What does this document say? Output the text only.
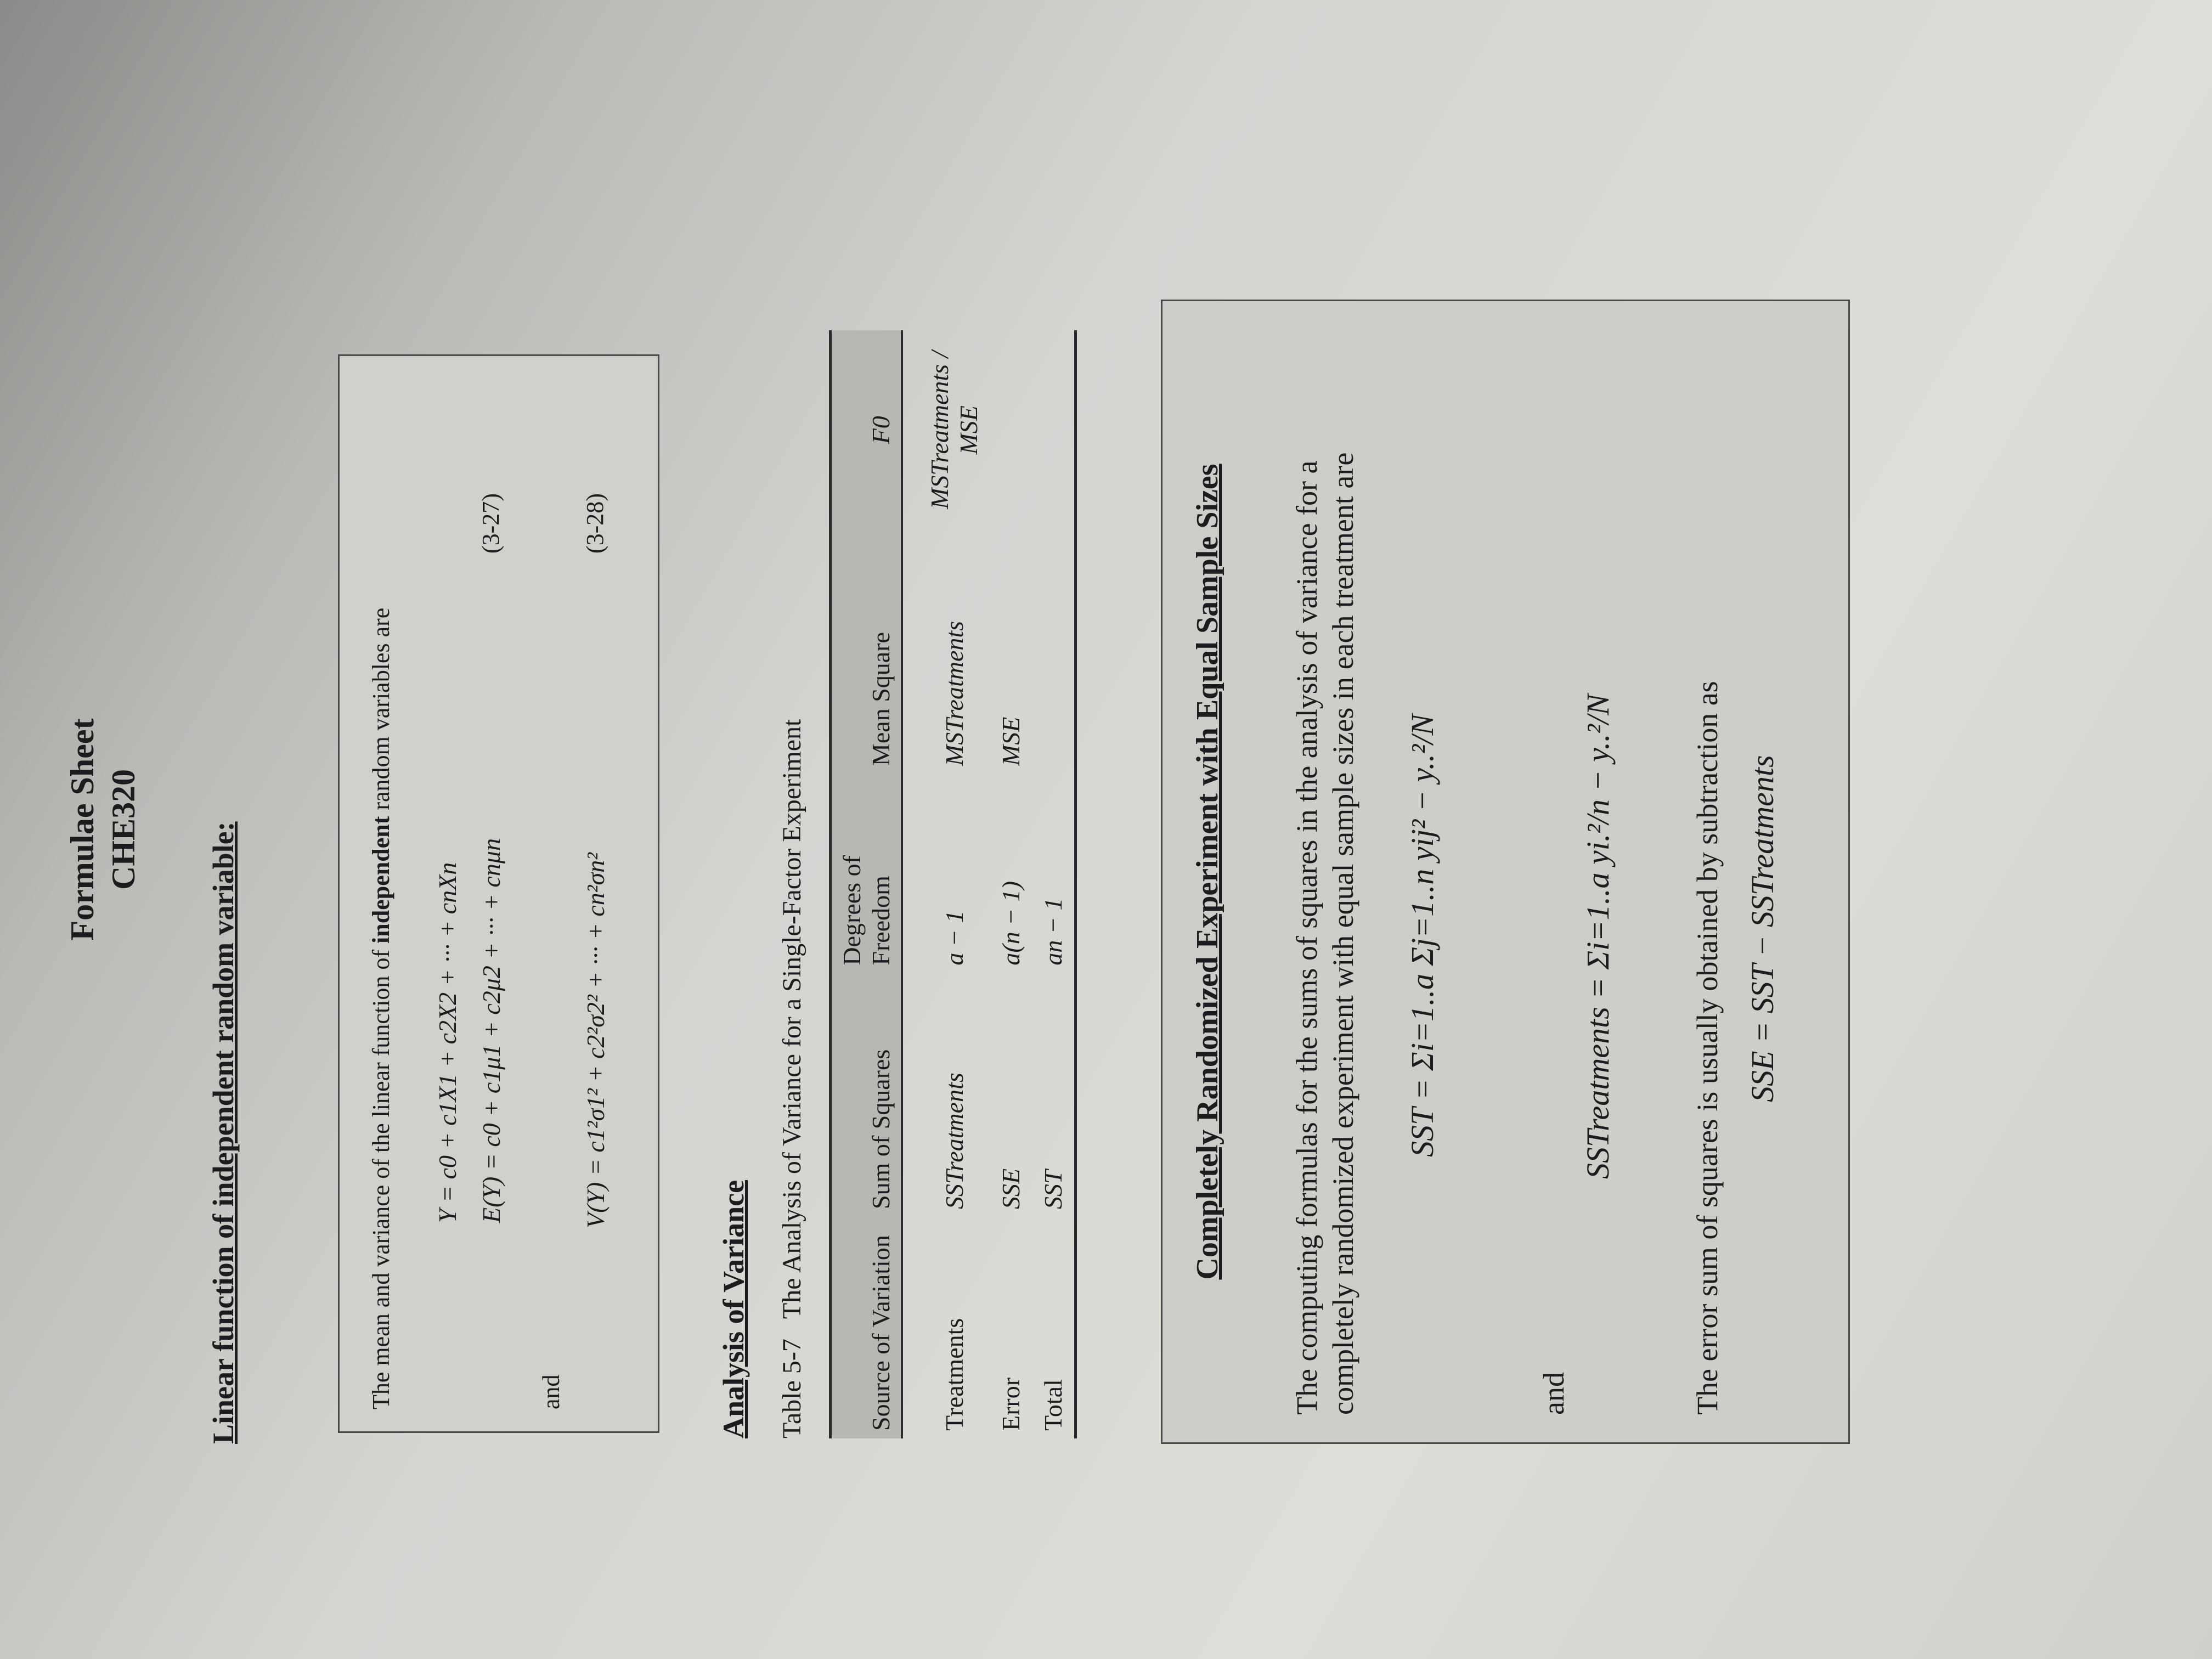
Formulae Sheet CHE320 Linear function of independent random variable:	The mean and variance of the linear function of independent random variables are
Y = c0 + c1X1 + c2X2 + ··· + cnXn E(Y) = c0 + c1μ1 + c2μ2 + ··· + cnμn
(3-27)
and
V(Y) = c1²σ1² + c2²σ2² + ··· + cn²σn²
(3-28)
Analysis of Variance Table 5-7   The Analysis of Variance for a Single-Factor Experiment
Source of Variation	Sum of Squares	Degrees of Freedom	Mean Square	F0
Treatments	SSTreatments	a − 1	MSTreatments	MSTreatments / MSE
Error	SSE	a(n − 1)	MSE	
Total	SST	an − 1			Completely Randomized Experiment with Equal Sample Sizes The computing formulas for the sums of squares in the analysis of variance for a completely randomized experiment with equal sample sizes in each treatment are SST = Σi=1..a Σj=1..n yij² − y..²/N
and
SSTreatments = Σi=1..a yi.²/n − y..²/N	The error sum of squares is usually obtained by subtraction as SSE = SST − SSTreatments
